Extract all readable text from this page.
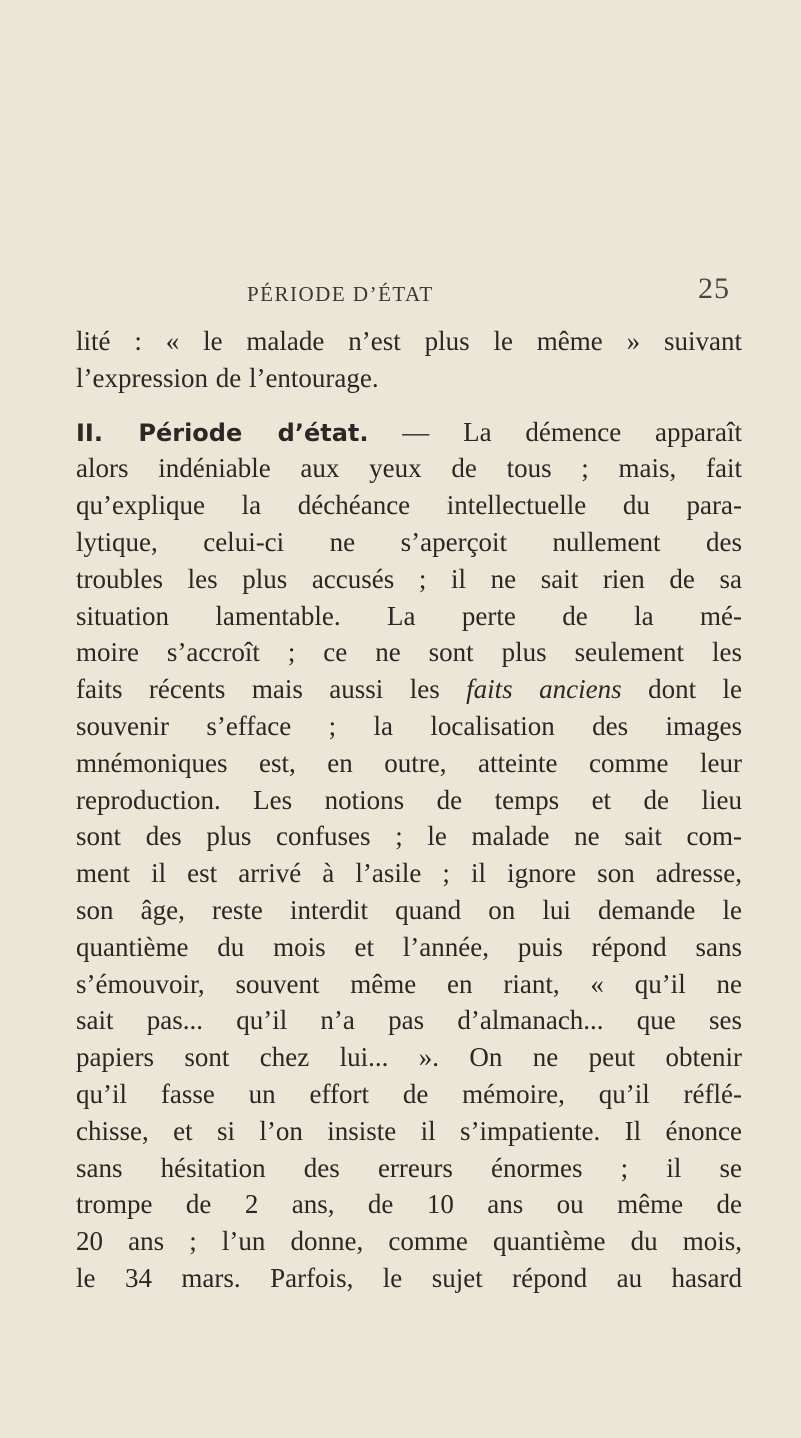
PÉRIODE D’ÉTAT	25
lité : « le malade n’est plus le même » suivant
l’expression de l’entourage.
II. Période d’état. — La démence apparaît
alors indéniable aux yeux de tous ; mais, fait
qu’explique la déchéance intellectuelle du para-
lytique, celui-ci ne s’aperçoit nullement des
troubles les plus accusés ; il ne sait rien de sa
situation lamentable. La perte de la mé-
moire s’accroît ; ce ne sont plus seulement les
faits récents mais aussi les faits anciens dont le
souvenir s’efface ; la localisation des images
mnémoniques est, en outre, atteinte comme leur
reproduction. Les notions de temps et de lieu
sont des plus confuses ; le malade ne sait com-
ment il est arrivé à l’asile ; il ignore son adresse,
son âge, reste interdit quand on lui demande le
quantième du mois et l’année, puis répond sans
s’émouvoir, souvent même en riant, « qu’il ne
sait pas... qu’il n’a pas d’almanach... que ses
papiers sont chez lui... ». On ne peut obtenir
qu’il fasse un effort de mémoire, qu’il réflé-
chisse, et si l’on insiste il s’impatiente. Il énonce
sans hésitation des erreurs énormes ; il se
trompe de 2 ans, de 10 ans ou même de
20 ans ; l’un donne, comme quantième du mois,
le 34 mars. Parfois, le sujet répond au hasard
